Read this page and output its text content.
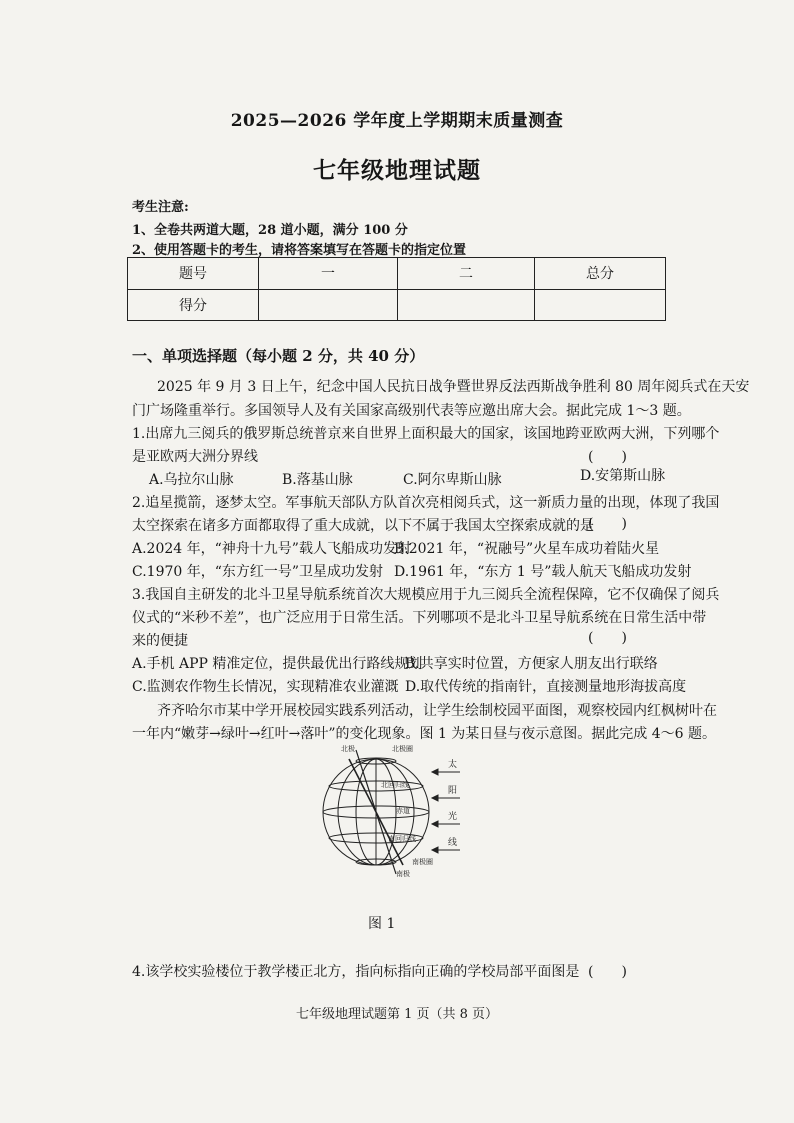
2025—2026 学年度上学期期末质量测查
七年级地理试题
考生注意:
1、全卷共两道大题，28 道小题，满分 100 分
2、使用答题卡的考生，请将答案填写在答题卡的指定位置
题号	一	二	总分
得分			
一、单项选择题（每小题 2 分，共 40 分）
2025 年 9 月 3 日上午，纪念中国人民抗日战争暨世界反法西斯战争胜利 80 周年阅兵式在天安
门广场隆重举行。多国领导人及有关国家高级别代表等应邀出席大会。据此完成 1～3 题。
1.出席九三阅兵的俄罗斯总统普京来自世界上面积最大的国家，该国地跨亚欧两大洲，下列哪个
是亚欧两大洲分界线	(　　)
A.乌拉尔山脉	B.落基山脉	C.阿尔卑斯山脉	D.安第斯山脉
2.追星揽箭，逐梦太空。军事航天部队方队首次亮相阅兵式，这一新质力量的出现，体现了我国
太空探索在诸多方面都取得了重大成就，以下不属于我国太空探索成就的是
(　　)
A.2024 年，“神舟十九号”载人飞船成功发射
B.2021 年，“祝融号”火星车成功着陆火星
C.1970 年，“东方红一号”卫星成功发射 D.1961 年，“东方 1 号”载人航天飞船成功发射
3.我国自主研发的北斗卫星导航系统首次大规模应用于九三阅兵全流程保障，它不仅确保了阅兵
仪式的“米秒不差”，也广泛应用于日常生活。下列哪项不是北斗卫星导航系统在日常生活中带
来的便捷	(　　)
A.手机 APP 精准定位，提供最优出行路线规划
B.共享实时位置，方便家人朋友出行联络
C.监测农作物生长情况，实现精准农业灌溉 D.取代传统的指南针，直接测量地形海拔高度
齐齐哈尔市某中学开展校园实践系列活动，让学生绘制校园平面图，观察校园内红枫树叶在
一年内“嫩芽→绿叶→红叶→落叶”的变化现象。图 1 为某日昼与夜示意图。据此完成 4～6 题。
北极	北极圈
北回归线
赤道
南回归线
南极圈
南极
太
阳
光
线
图 1
4.该学校实验楼位于教学楼正北方，指向标指向正确的学校局部平面图是 (　　)
七年级地理试题第 1 页（共 8 页）
